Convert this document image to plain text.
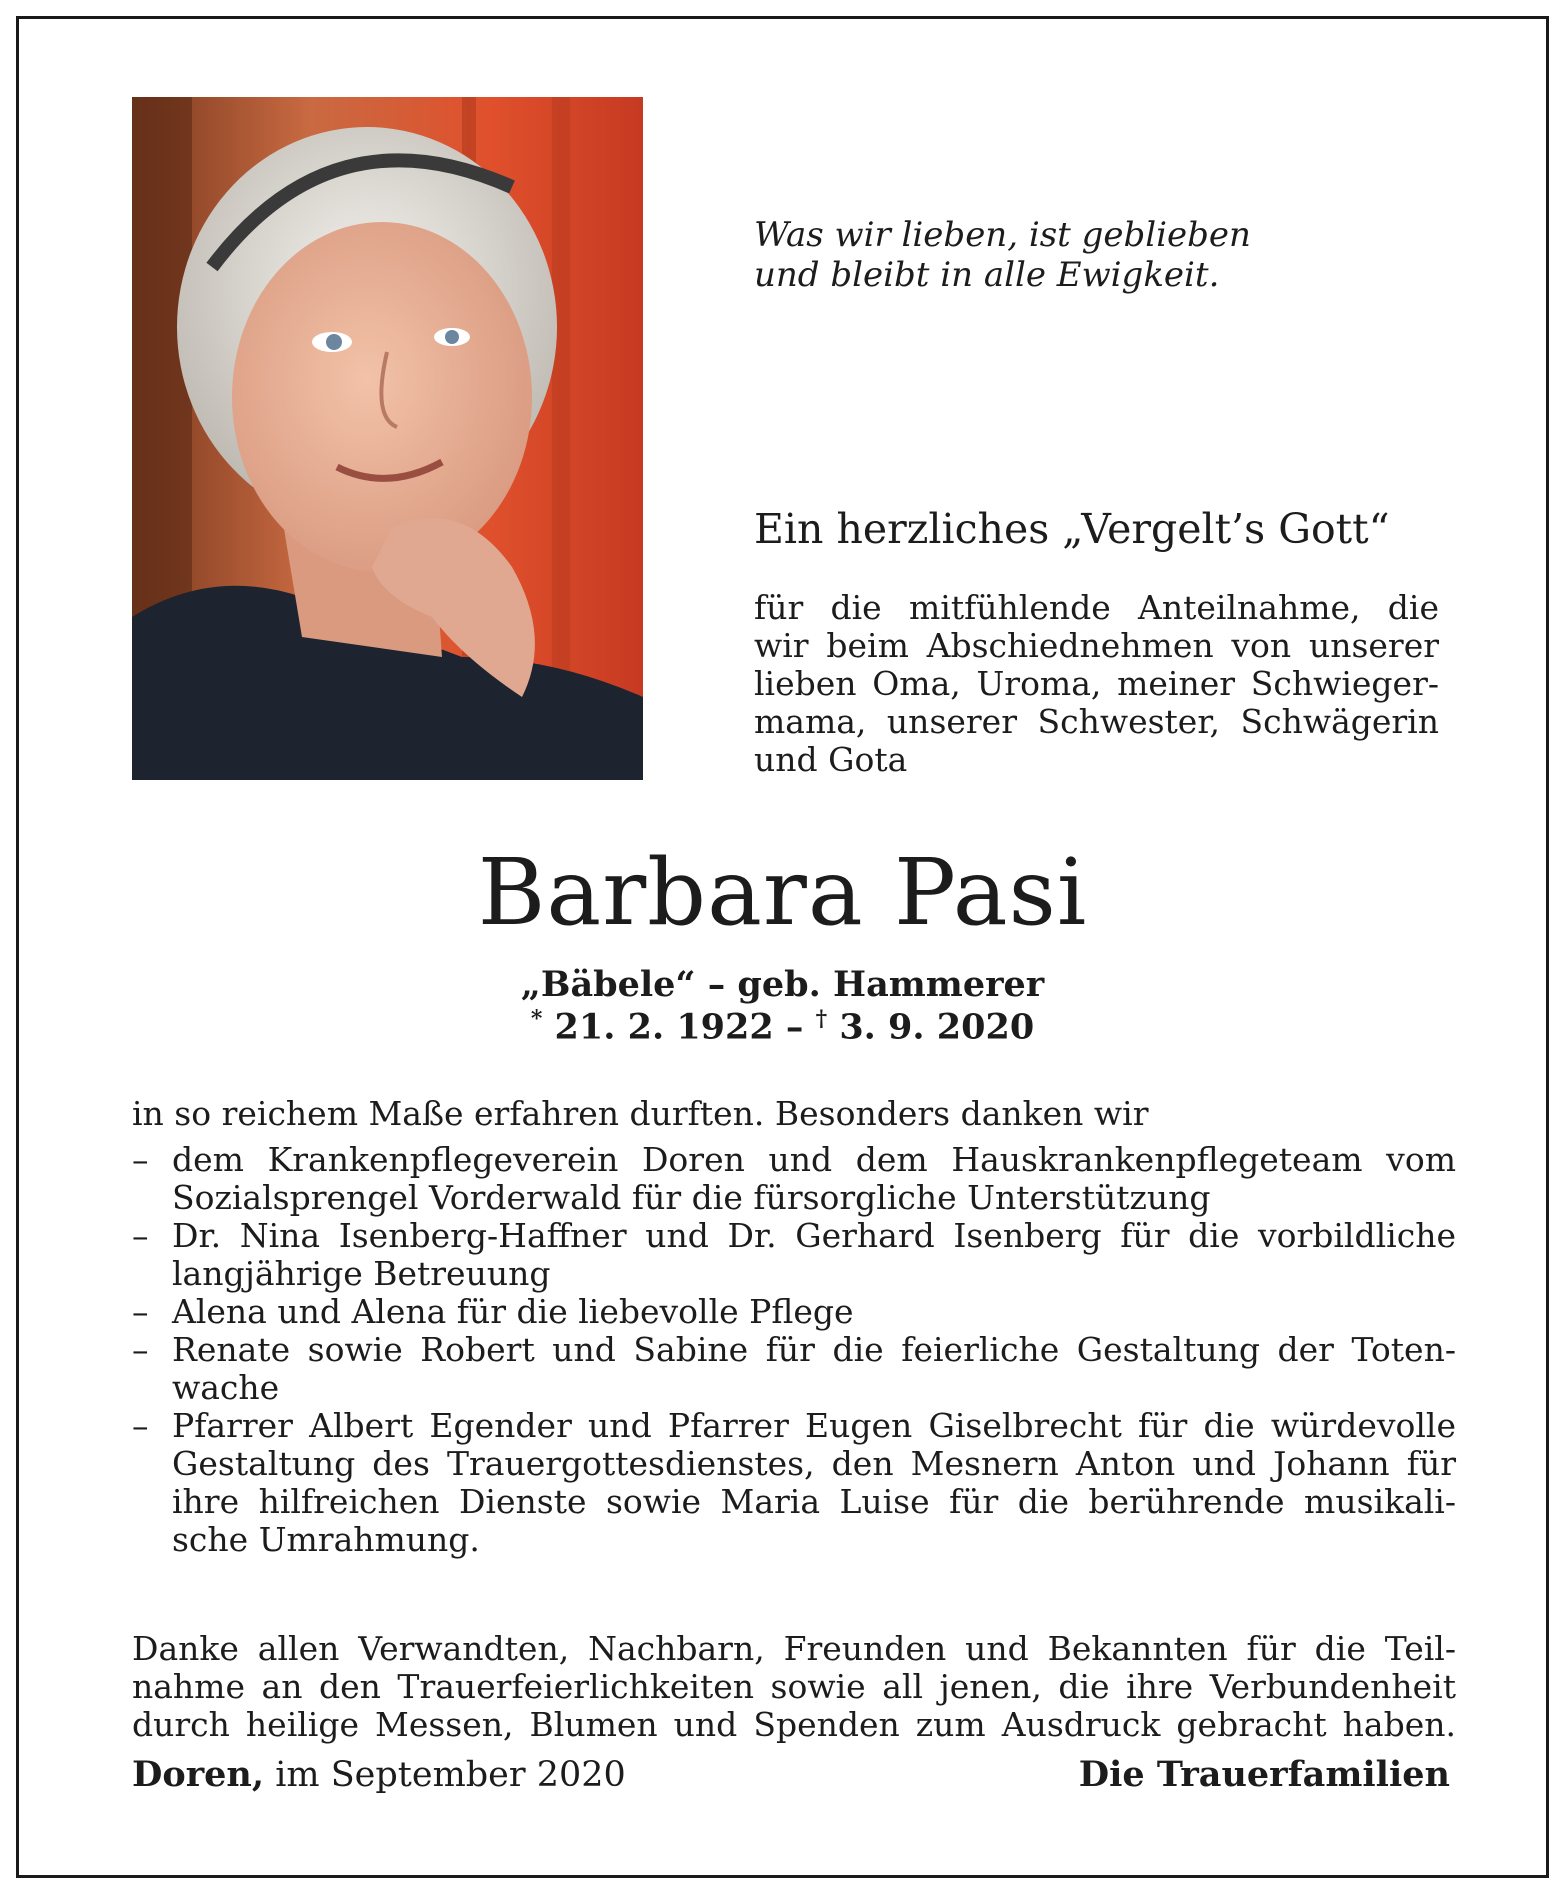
Was wir lieben, ist geblieben
und bleibt in alle Ewigkeit.
Ein herzliches „Vergelt’s Gott“
für die mitfühlende Anteilnahme, die
wir beim Abschiednehmen von unserer
lieben Oma, Uroma, meiner Schwieger-
mama, unserer Schwester, Schwägerin
und Gota
Barbara Pasi
„Bäbele“ – geb. Hammerer
* 21. 2. 1922 – † 3. 9. 2020
in so reichem Maße erfahren durften. Besonders danken wir
– dem Krankenpflegeverein Doren und dem Hauskrankenpflegeteam vom
Sozialsprengel Vorderwald für die fürsorgliche Unterstützung
– Dr. Nina Isenberg-Haffner und Dr. Gerhard Isenberg für die vorbildliche
langjährige Betreuung
– Alena und Alena für die liebevolle Pflege
– Renate sowie Robert und Sabine für die feierliche Gestaltung der Toten-
wache
– Pfarrer Albert Egender und Pfarrer Eugen Giselbrecht für die würdevolle
Gestaltung des Trauergottesdienstes, den Mesnern Anton und Johann für
ihre hilfreichen Dienste sowie Maria Luise für die berührende musikali-
sche Umrahmung.
Danke allen Verwandten, Nachbarn, Freunden und Bekannten für die Teil-
nahme an den Trauerfeierlichkeiten sowie all jenen, die ihre Verbundenheit
durch heilige Messen, Blumen und Spenden zum Ausdruck gebracht haben.
Doren, im September 2020	Die Trauerfamilien
